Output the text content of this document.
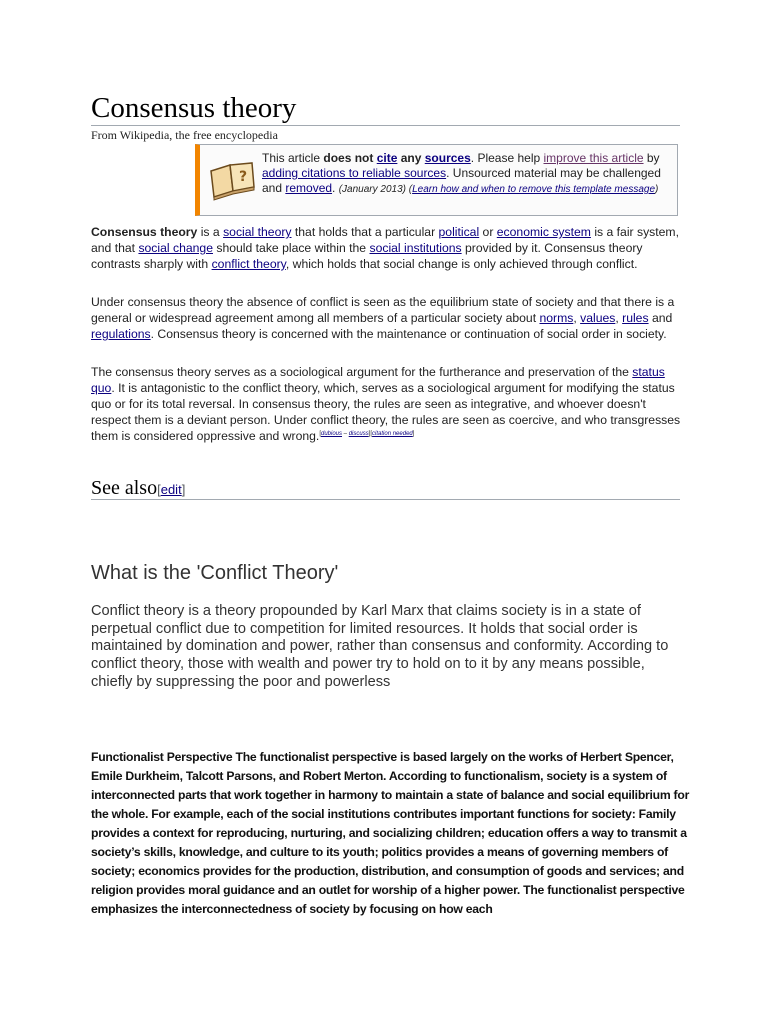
Consensus theory
From Wikipedia, the free encyclopedia
?
This article does not cite any sources. Please help improve this article by adding citations to reliable sources. Unsourced material may be challenged and removed. (January 2013) (Learn how and when to remove this template message)

Consensus theory is a social theory that holds that a particular political or economic system is a fair system, and that social change should take place within the social institutions provided by it. Consensus theory contrasts sharply with conflict theory, which holds that social change is only achieved through conflict.

Under consensus theory the absence of conflict is seen as the equilibrium state of society and that there is a general or widespread agreement among all members of a particular society about norms, values, rules and regulations. Consensus theory is concerned with the maintenance or continuation of social order in society.

The consensus theory serves as a sociological argument for the furtherance and preservation of the status quo. It is antagonistic to the conflict theory, which, serves as a sociological argument for modifying the status quo or for its total reversal. In consensus theory, the rules are seen as integrative, and whoever doesn't respect them is a deviant person. Under conflict theory, the rules are seen as coercive, and who transgresses them is considered oppressive and wrong.[dubious – discuss][citation needed]

See also[edit]
What is the 'Conflict Theory'

Conflict theory is a theory propounded by Karl Marx that claims society is in a state of perpetual conflict due to competition for limited resources. It holds that social order is maintained by domination and power, rather than consensus and conformity. According to conflict theory, those with wealth and power try to hold on to it by any means possible, chiefly by suppressing the poor and powerless

Functionalist Perspective The functionalist perspective is based largely on the works of Herbert Spencer, Emile Durkheim, Talcott Parsons, and Robert Merton. According to functionalism, society is a system of interconnected parts that work together in harmony to maintain a state of balance and social equilibrium for the whole. For example, each of the social institutions contributes important functions for society: Family provides a context for reproducing, nurturing, and socializing children; education offers a way to transmit a society’s skills, knowledge, and culture to its youth; politics provides a means of governing members of society; economics provides for the production, distribution, and consumption of goods and services; and religion provides moral guidance and an outlet for worship of a higher power. The functionalist perspective emphasizes the interconnectedness of society by focusing on how each
